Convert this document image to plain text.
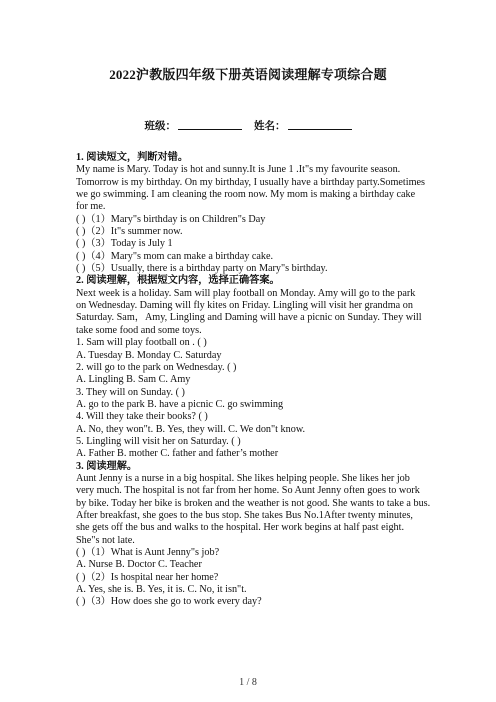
2022沪教版四年级下册英语阅读理解专项综合题
班级：	姓名：
1. 阅读短文，判断对错。
My name is Mary. Today is hot and sunny.It is June 1 .It"s my favourite season.
Tomorrow is my birthday. On my birthday, I usually have a birthday party.Sometimes
we go swimming. I am cleaning the room now. My mom is making a birthday cake
for me.
( )（1）Mary"s birthday is on Children"s Day
( )（2）It"s summer now.
( )（3）Today is July 1
( )（4）Mary"s mom can make a birthday cake.
( )（5）Usually, there is a birthday party on Mary"s birthday.
2. 阅读理解，根据短文内容，选择正确答案。
Next week is a holiday. Sam will play football on Monday. Amy will go to the park
on Wednesday. Daming will fly kites on Friday. Lingling will visit her grandma on
Saturday. Sam，Amy, Lingling and Daming will have a picnic on Sunday. They will
take some food and some toys.
1. Sam will play football on . ( )
A. Tuesday B. Monday C. Saturday
2. will go to the park on Wednesday. ( )
A. Lingling B. Sam C. Amy
3. They will on Sunday. ( )
A. go to the park B. have a picnic C. go swimming
4. Will they take their books? ( )
A. No, they won"t. B. Yes, they will. C. We don"t know.
5. Lingling will visit her on Saturday. ( )
A. Father B. mother C. father and father’s mother
3. 阅读理解。
Aunt Jenny is a nurse in a big hospital. She likes helping people. She likes her job
very much. The hospital is not far from her home. So Aunt Jenny often goes to work
by bike. Today her bike is broken and the weather is not good. She wants to take a bus.
After breakfast, she goes to the bus stop. She takes Bus No.1After twenty minutes,
she gets off the bus and walks to the hospital. Her work begins at half past eight.
She"s not late.
( )（1）What is Aunt Jenny"s job?
A. Nurse B. Doctor C. Teacher
( )（2）Is hospital near her home?
A. Yes, she is. B. Yes, it is. C. No, it isn"t.
( )（3）How does she go to work every day?
1 / 8
